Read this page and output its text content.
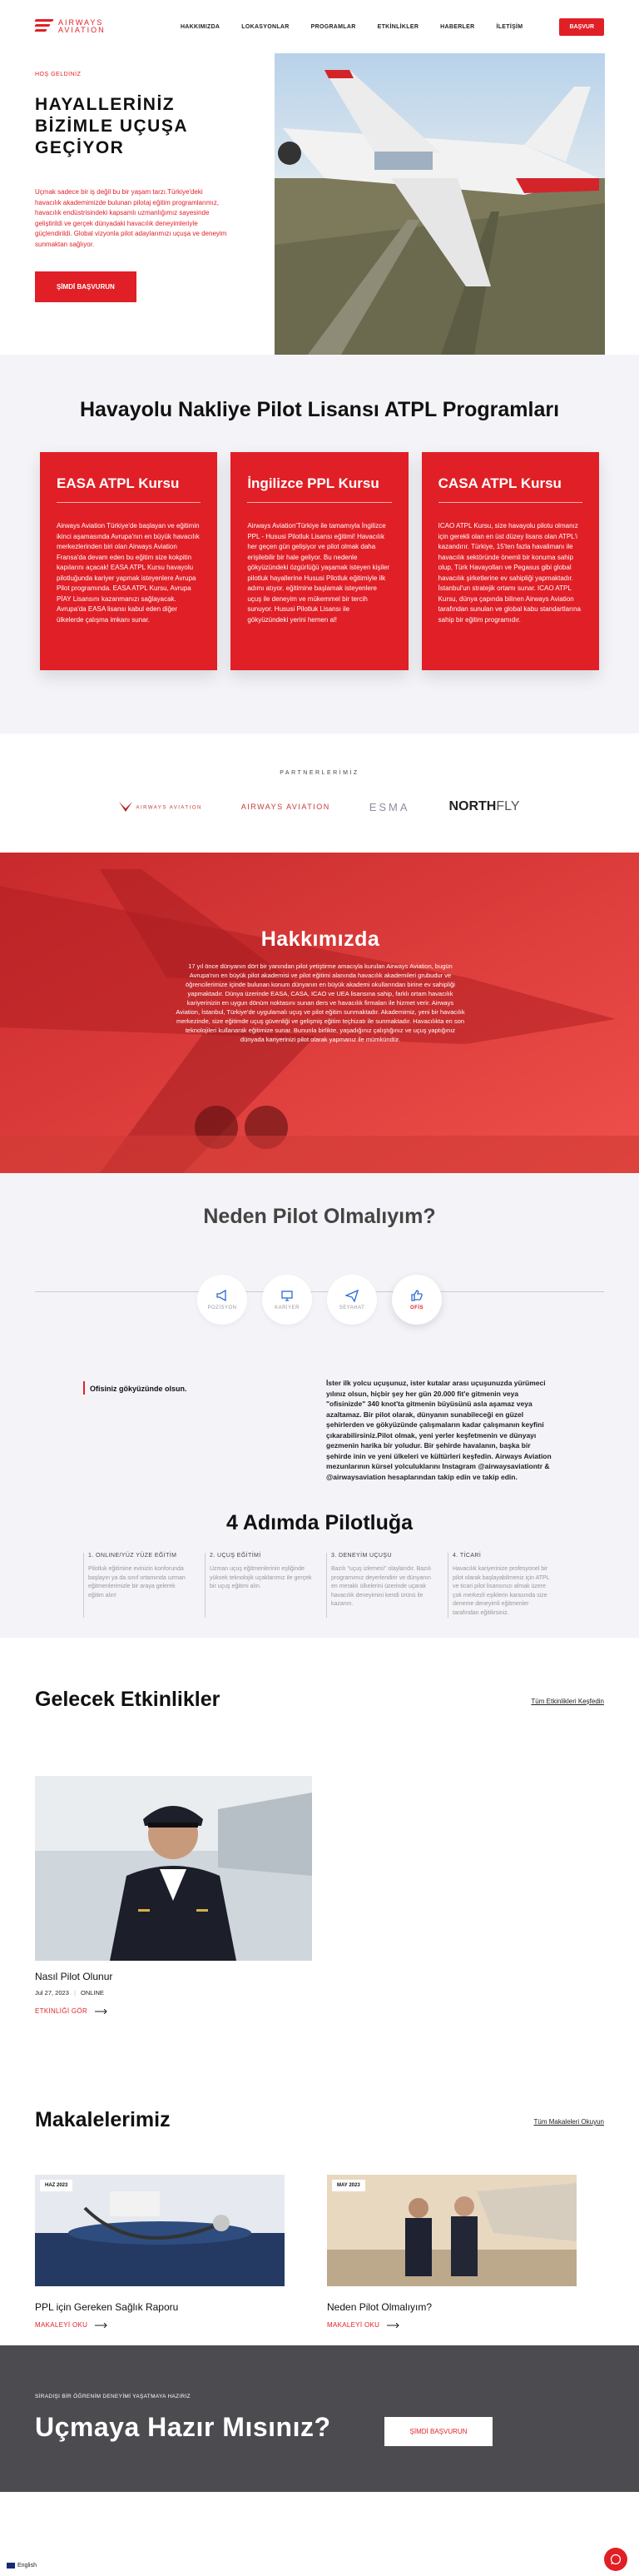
AIRWAYS
AVIATION	HAKKIMIZDA	LOKASYONLAR	PROGRAMLAR	ETKİNLİKLER	HABERLER	İLETİŞİM	BAŞVUR
HOŞ GELDİNİZ
HAYALLERİNİZ BİZİMLE UÇUŞA GEÇİYOR

Uçmak sadece bir iş değil bu bir yaşam tarzı.Türkiye'deki havacılık akademimizde bulunan pilotaj eğitim programlarımız, havacılık endüstrisindeki kapsamlı uzmanlığımız sayesinde geliştirildi ve gerçek dünyadaki havacılık deneyimleriyle güçlendirildi. Global vizyonla pilot adaylarımızı uçuşa ve deneyim sunmaktan sağlıyor.

ŞİMDİ BAŞVURUN
Havayolu Nakliye Pilot Lisansı ATPL Programları
EASA ATPL Kursu
Airways Aviation Türkiye'de başlayan ve eğitimin ikinci aşamasında Avrupa'nın en büyük havacılık merkezlerinden biri olan Airways Aviation Fransa'da devam eden bu eğitim size kokpitin kapılarını açacak! EASA ATPL Kursu havayolu pilotluğunda kariyer yapmak isteyenlere Avrupa Pilot programında. EASA ATPL Kursu, Avrupa PİAY Lisansını kazanmanızı sağlayacak. Avrupa'da EASA lisansı kabul eden diğer ülkelerde çalışma imkanı sunar.
İngilizce PPL Kursu
Airways Aviation'Türkiye ile tamamıyla İngilizce PPL - Hususi Pilotluk Lisansı eğitimi! Havacılık her geçen gün gelişiyor ve pilot olmak daha erişilebilir bir hale geliyor. Bu nedenle gökyüzündeki özgürlüğü yaşamak isteyen kişiler pilotluk hayallerine Hususi Pilotluk eğitimiyle ilk adımı atıyor. eğitimine başlamak isteyenlere uçuş ile deneyim ve mükemmel bir tercih sunuyor. Hususi Pilotluk Lisansı ile gökyüzündeki yerini hemen al!
CASA ATPL Kursu
ICAO ATPL Kursu, size havayolu pilotu olmanız için gerekli olan en üst düzey lisans olan ATPL'i kazandırır. Türkiye, 15'ten fazla havalimanı ile havacılık sektöründe önemli bir konuma sahip olup, Türk Havayolları ve Pegasus gibi global havacılık şirketlerine ev sahipliği yapmaktadır. İstanbul'un stratejik ortamı sunar. ICAO ATPL Kursu, dünya çapında bilinen Airways Aviation tarafından sunulan ve global kabu standartlarına sahip bir eğitim programıdır.
PARTNERLERİMİZ
AIRWAYS AVIATION	AIRWAYS AVIATION	ESMA	NORTHFLY
Hakkımızda

17 yıl önce dünyanın dört bir yanından pilot yetiştirme amacıyla kurulan Airways Aviation, bugün Avrupa'nın en büyük pilot akademisi ve pilot eğitimi alanında havacılık akademileri grubudur ve öğrencilerimize içinde bulunan konum dünyanın en büyük akademi okullarından birine ev sahipliği yapmaktadır. Dünya üzerinde EASA, CASA, ICAO ve UEA lisansına sahip, farklı ortam havacılık kariyerinizin en uygun dönüm noktasını sunan ders ve havacılık firmaları ile hizmet verir. Airways Aviation, İstanbul, Türkiye'de uygulamalı uçuş ve pilot eğitim sunmaktadır. Akademimiz, yeni bir havacılık merkezinde, size eğitimde uçuş güvenliği ve gelişmiş eğitim teçhizatı ile sunmaktadır. Havacılıkta en son teknolojileri kullanarak eğitimize sunar. Bununla birlikte, yaşadığınız çalıştığınız ve uçuş yaptığınız dünyada kariyerinizi pilot olarak yapmanız ile mümkündür.

Neden Pilot Olmalıyım?
POZİSYON	KARİYER	SEYAHAT	OFİS
Ofisiniz gökyüzünde olsun.

İster ilk yolcu uçuşunuz, ister kutalar arası uçuşunuzda yürümeci yılınız olsun, hiçbir şey her gün 20.000 fit'e gitmenin veya "ofisinizde" 340 knot'ta gitmenin büyüsünü asla aşamaz veya azaltamaz. Bir pilot olarak, dünyanın sunabileceği en güzel şehirlerden ve gökyüzünde çalışmaların kadar çalışmanın keyfini çıkarabilirsiniz.Pilot olmak, yeni yerler keşfetmenin ve dünyayı gezmenin harika bir yoludur. Bir şehirde havalanın, başka bir şehirde inin ve yeni ülkeleri ve kültürleri keşfedin. Airways Aviation mezunlarının kürsel yolculuklarını Instagram @airwaysaviationtr & @airwaysaviation hesaplarından takip edin ve takip edin.

4 Adımda Pilotluğa
1. ONLINE/YÜZ YÜZE EĞİTİM
Pilotluk eğitimine evinizin konforunda başlayın ya da sınıf ortamında uzman eğitmenlerimizle bir araya gelerek eğitim alın!
2. UÇUŞ EĞİTİMİ
Uzman uçuş eğitmenlerinin eşliğinde yüksek teknolojik uçaklarımız ile gerçek bir uçuş eğitimi alın.
3. DENEYİM UÇUŞU
Bazılı "uçuş izlemesi" olaylarıdır. Bazılı programımız deyerlendirir ve dünyanın en meraklı ülkelerini üzerinde uçarak havacılık deneyimini kendi ürünü ile kazanın.
4. TİCARİ
Havacılık kariyerinize profesyonel bir pilot olarak başlayabilmeniz için ATPL ve ticari pilot lisansınızı almak üzere çok merkezli eşiklerin karasında size deneme deneyimli eğitmenler tarafından eğitilirsiniz.
Gelecek Etkinlikler	Tüm Etkinlikleri Keşfedin
Nasıl Pilot Olunur
Jul 27, 2023 | ONLINE
ETKİNLİĞİ GÖR
Makalelerimiz	Tüm Makaleleri Okuyun
HAZ 2023
PPL için Gereken Sağlık Raporu
MAKALEYİ OKU
MAY 2023
Neden Pilot Olmalıyım?
MAKALEYİ OKU
SİRADIŞI BİR ÖĞRENİM DENEYİMİ YAŞATMAYA HAZIRIZ
Uçmaya Hazır Mısınız?	ŞİMDİ BAŞVURUN
English
